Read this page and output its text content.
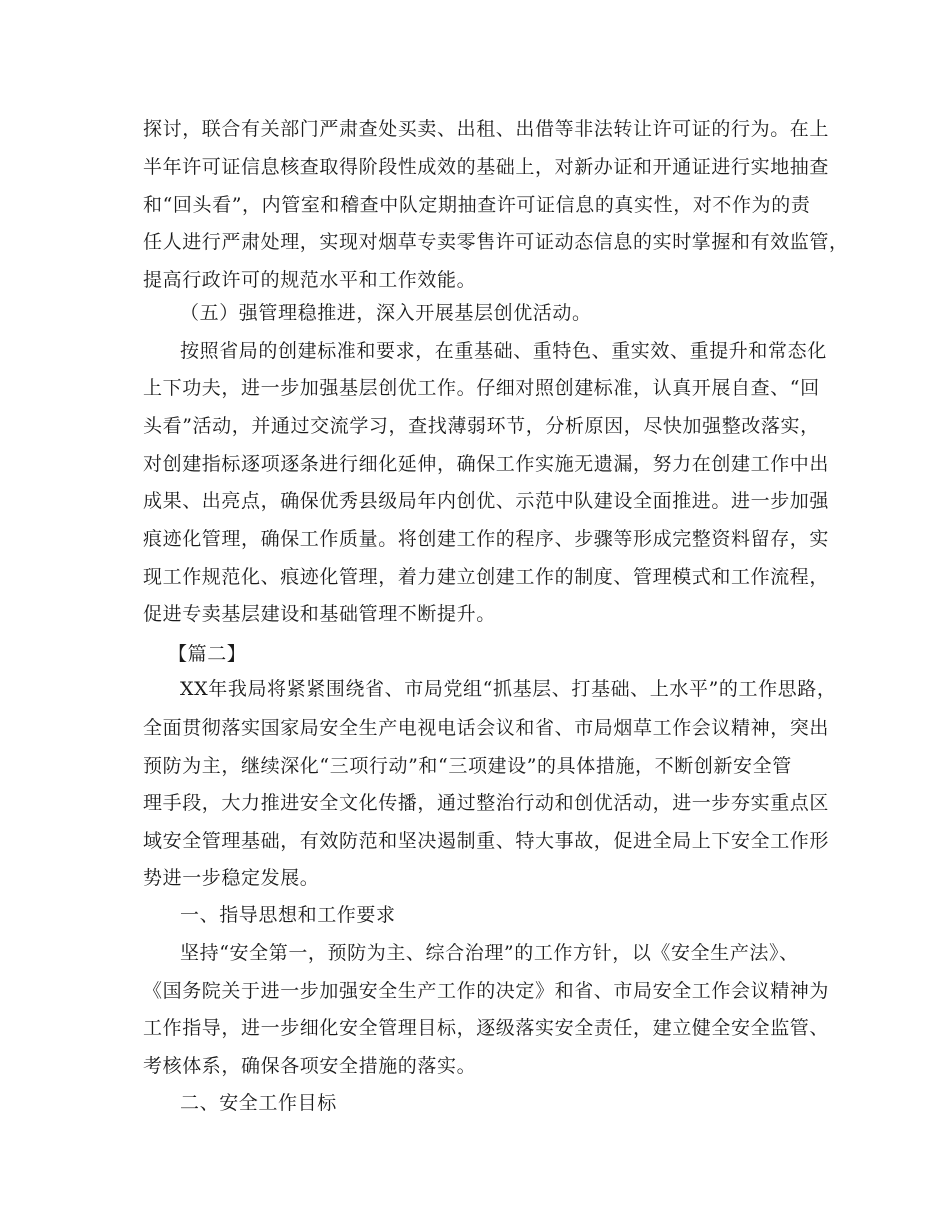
探讨，联合有关部门严肃查处买卖、出租、出借等非法转让许可证的行为。在上
半年许可证信息核查取得阶段性成效的基础上，对新办证和开通证进行实地抽查
和“回头看”，内管室和稽查中队定期抽查许可证信息的真实性，对不作为的责
任人进行严肃处理，实现对烟草专卖零售许可证动态信息的实时掌握和有效监管，
提高行政许可的规范水平和工作效能。
（五）强管理稳推进，深入开展基层创优活动。
按照省局的创建标准和要求，在重基础、重特色、重实效、重提升和常态化
上下功夫，进一步加强基层创优工作。仔细对照创建标准，认真开展自查、“回
头看”活动，并通过交流学习，查找薄弱环节，分析原因，尽快加强整改落实，
对创建指标逐项逐条进行细化延伸，确保工作实施无遗漏，努力在创建工作中出
成果、出亮点，确保优秀县级局年内创优、示范中队建设全面推进。进一步加强
痕迹化管理，确保工作质量。将创建工作的程序、步骤等形成完整资料留存，实
现工作规范化、痕迹化管理，着力建立创建工作的制度、管理模式和工作流程，
促进专卖基层建设和基础管理不断提升。
【篇二】
XX年我局将紧紧围绕省、市局党组“抓基层、打基础、上水平”的工作思路，
全面贯彻落实国家局安全生产电视电话会议和省、市局烟草工作会议精神，突出
预防为主，继续深化“三项行动”和“三项建设”的具体措施，不断创新安全管
理手段，大力推进安全文化传播，通过整治行动和创优活动，进一步夯实重点区
域安全管理基础，有效防范和坚决遏制重、特大事故，促进全局上下安全工作形
势进一步稳定发展。
一、指导思想和工作要求
坚持“安全第一，预防为主、综合治理”的工作方针，以《安全生产法》、
《国务院关于进一步加强安全生产工作的决定》和省、市局安全工作会议精神为
工作指导，进一步细化安全管理目标，逐级落实安全责任，建立健全安全监管、
考核体系，确保各项安全措施的落实。
二、安全工作目标
